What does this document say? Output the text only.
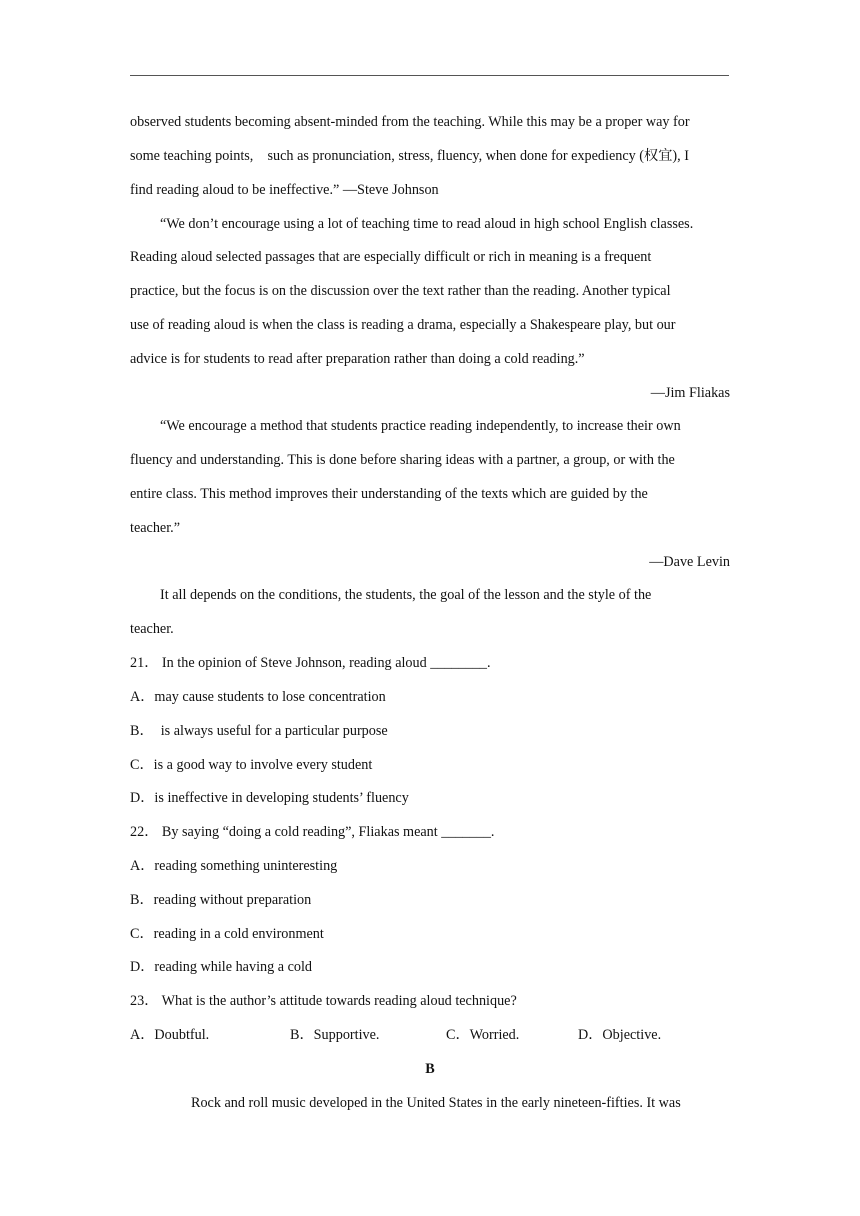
observed students becoming absent-minded from the teaching. While this may be a proper way for
some teaching points,    such as pronunciation, stress, fluency, when done for expediency (权宜), I
find reading aloud to be ineffective.” —Steve Johnson
“We don’t encourage using a lot of teaching time to read aloud in high school English classes.
Reading aloud selected passages that are especially difficult or rich in meaning is a frequent
practice, but the focus is on the discussion over the text rather than the reading. Another typical
use of reading aloud is when the class is reading a drama, especially a Shakespeare play, but our
advice is for students to read after preparation rather than doing a cold reading.”
—Jim Fliakas
“We encourage a method that students practice reading independently, to increase their own
fluency and understanding. This is done before sharing ideas with a partner, a group, or with the
entire class. This method improves their understanding of the texts which are guided by the
teacher.”
—Dave Levin
It all depends on the conditions, the students, the goal of the lesson and the style of the
teacher.
21． In the opinion of Steve Johnson, reading aloud ________.
A．may cause students to lose concentration
B．  is always useful for a particular purpose
C．is a good way to involve every student
D．is ineffective in developing students’ fluency
22． By saying “doing a cold reading”, Fliakas meant _______.
A．reading something uninteresting
B．reading without preparation
C．reading in a cold environment
D．reading while having a cold
23． What is the author’s attitude towards reading aloud technique?
A．Doubtful.	B．Supportive.	C．Worried.	D．Objective.
B
Rock and roll music developed in the United States in the early nineteen-fifties. It was
